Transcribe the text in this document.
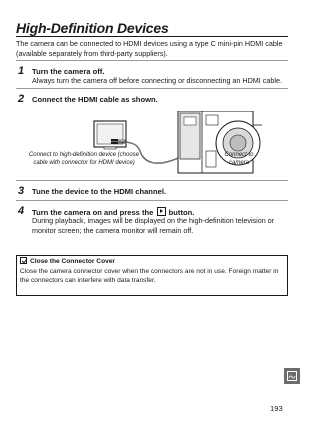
High-Definition Devices

The camera can be connected to HDMI devices using a type C mini-pin HDMI cable (available separately from third-party suppliers).

1 Turn the camera off.

Always turn the camera off before connecting or disconnecting an HDMI cable.

2 Connect the HDMI cable as shown.

Connect to high-definition device (choose cable with connector for HDMI device)

Connect to camera

3 Tune the device to the HDMI channel.
4 Turn the camera on and press the button.

During playback, images will be displayed on the high-definition television or monitor screen; the camera monitor will remain off.

Close the Connector Cover

Close the camera connector cover when the connectors are not in use. Foreign matter in the connectors can interfere with data transfer.

193
